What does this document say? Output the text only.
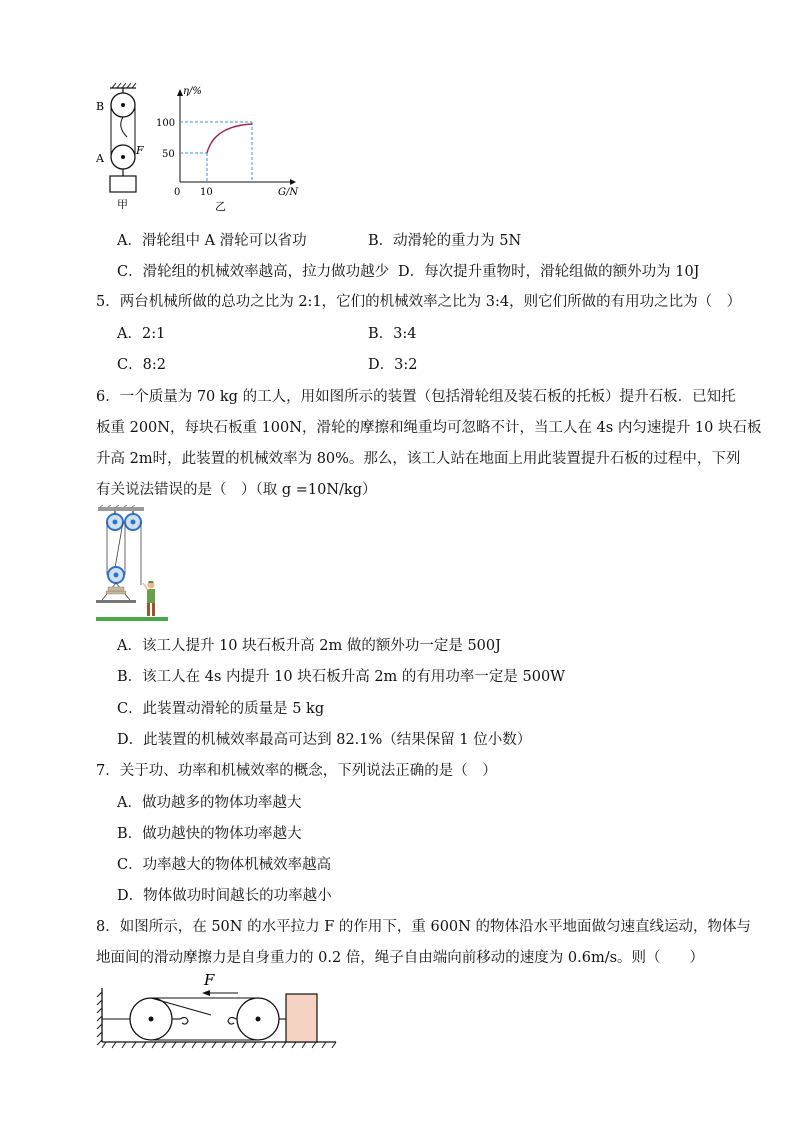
B
A
F
甲
η/%
100
50
0 10	G/N
乙
A．滑轮组中 A 滑轮可以省功	B．动滑轮的重力为 5N
C．滑轮组的机械效率越高，拉力做功越少 D．每次提升重物时，滑轮组做的额外功为 10J
5．两台机械所做的总功之比为 2:1，它们的机械效率之比为 3:4，则它们所做的有用功之比为（　）
A．2:1	B．3:4
C．8:2	D．3:2
6．一个质量为 70 kg 的工人，用如图所示的装置（包括滑轮组及装石板的托板）提升石板．已知托
板重 200N，每块石板重 100N，滑轮的摩擦和绳重均可忽略不计，当工人在 4s 内匀速提升 10 块石板
升高 2m时，此装置的机械效率为 80%。那么，该工人站在地面上用此装置提升石板的过程中，下列
有关说法错误的是（　）（取 g =10N/kg）
A．该工人提升 10 块石板升高 2m 做的额外功一定是 500J
B．该工人在 4s 内提升 10 块石板升高 2m 的有用功率一定是 500W
C．此装置动滑轮的质量是 5 kg
D．此装置的机械效率最高可达到 82.1%（结果保留 1 位小数）
7．关于功、功率和机械效率的概念，下列说法正确的是（　）
A．做功越多的物体功率越大
B．做功越快的物体功率越大
C．功率越大的物体机械效率越高
D．物体做功时间越长的功率越小
8．如图所示，在 50N 的水平拉力 F 的作用下，重 600N 的物体沿水平地面做匀速直线运动，物体与
地面间的滑动摩擦力是自身重力的 0.2 倍，绳子自由端向前移动的速度为 0.6m/s。则（　　）
F
